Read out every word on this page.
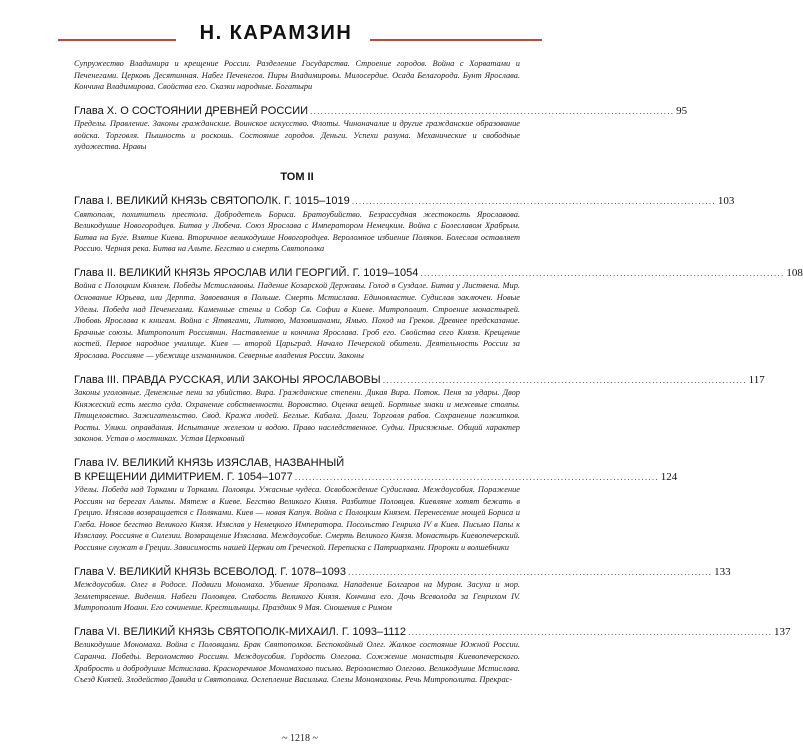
Н. КАРАМЗИН

Супружество Владимира и крещение России. Разделение Государства. Строение городов. Война с Хорватами и Печенегами. Церковь Десятинная. Набег Печенегов. Пиры Владимировы. Милосердие. Осада Белагорода. Бунт Ярослава. Кончина Владимирова. Свойства его. Сказки народные. Богатыри

Глава X. О СОСТОЯНИИ ДРЕВНЕЙ РОССИИ ........................................................................................................ 95

Пределы. Правление. Законы гражданские. Воинское искусство. Флоты. Чиноначалие и другие гражданские образование войска. Торговля. Пышность и роскошь. Состояние городов. Деньги. Успехи разума. Механические и свободные художества. Нравы

ТОМ II
Глава I. ВЕЛИКИЙ КНЯЗЬ СВЯТОПОЛК. Г. 1015–1019 ........................................................................................................ 103

Святополк, похититель престола. Добродетель Бориса. Братоубийство. Безрассудная жестокость Ярославова. Великодушие Новогородцев. Битва у Любеча. Союз Ярослава с Императором Немецким. Война с Болеславом Храбрым. Битва на Буге. Взятие Киева. Вторичное великодушие Новогородцев. Вероломное избиение Поляков. Болеслав оставляет Россию. Черная река. Битва на Альте. Бегство и смерть Святополка

Глава II. ВЕЛИКИЙ КНЯЗЬ ЯРОСЛАВ ИЛИ ГЕОРГИЙ. Г. 1019–1054 ........................................................................................................ 108

Война с Полоцким Князем. Победы Мстиславовы. Падение Козарской Державы. Голод в Суздале. Битва у Листвена. Мир. Основание Юрьева, или Дерпта. Завоевания в Польше. Смерть Мстислава. Единовластие. Судислав заключен. Новые Уделы. Победа над Печенегами. Каменные стены и Собор Св. Софии в Киеве. Митрополит. Строение монастырей. Любовь Ярослава к книгам. Война с Ятвягами, Литвою, Мазовшанами, Ямью. Поход на Греков. Древнее предсказание. Брачные союзы. Митрополит Россиянин. Наставление и кончина Ярослава. Гроб его. Свойства сего Князя. Крещение костей. Первое народное училище. Киев — второй Царьград. Начало Печерской обители. Деятельность России за Ярослава. Россияне — убежище изгнанников. Северные владения России. Законы

Глава III. ПРАВДА РУССКАЯ, ИЛИ ЗАКОНЫ ЯРОСЛАВОВЫ ........................................................................................................ 117

Законы уголовные. Денежные пени за убийство. Вира. Гражданские степени. Дикая Вира. Поток. Пеня за удары. Двор Княжеский есть место суда. Охранение собственности. Воровство. Оценка вещей. Бортные знаки и межевые столпы. Птицеловство. Зажигательство. Свод. Кража людей. Беглые. Кабала. Долги. Торговля рабов. Сохранение пожитков. Росты. Улики. оправдания. Испытание железом и водою. Право наследственное. Судьи. Присяжные. Общий характер законов. Устав о мостниках. Устав Церковный

Глава IV. ВЕЛИКИЙ КНЯЗЬ ИЗЯСЛАВ, НАЗВАННЫЙ
В КРЕЩЕНИИ ДИМИТРИЕМ. Г. 1054–1077 ........................................................................................................ 124

Уделы. Победа над Торками и Торками. Половцы. Ужасные чудеса. Освобождение Судислава. Междоусобия. Поражение Россиян на берегах Альты. Мятеж в Киеве. Бегство Великого Князя. Разбитие Половцев. Киевляне хотят бежать в Грецию. Изяслав возвращается с Поляками. Киев — новая Капуя. Война с Полоцким Князем. Перенесение мощей Бориса и Глеба. Новое бегство Великого Князя. Изяслав у Немецкого Императора. Посольство Генриха IV в Киев. Письмо Папы к Изяславу. Россияне в Силезии. Возвращение Изяслава. Междоусобие. Смерть Великого Князя. Монастырь Киевопечерский. Россияне служат в Греции. Зависимость нашей Церкви от Греческой. Переписка с Патриархами. Пророки и волшебники

Глава V. ВЕЛИКИЙ КНЯЗЬ ВСЕВОЛОД. Г. 1078–1093 ........................................................................................................ 133

Междоусобия. Олег в Родосе. Подвиги Мономаха. Убиение Ярополка. Нападение Болгаров на Муром. Засуха и мор. Землетрясение. Видения. Набеги Половцев. Слабость Великого Князя. Кончина его. Дочь Всеволода за Генрихом IV. Митрополит Иоанн. Его сочинение. Крестильницы. Праздник 9 Мая. Сношения с Римом

Глава VI. ВЕЛИКИЙ КНЯЗЬ СВЯТОПОЛК-МИХАИЛ. Г. 1093–1112 ........................................................................................................ 137

Великодушие Мономаха. Война с Половцами. Брак Святополков. Беспокойный Олег. Жалкое состояние Южной России. Саранча. Победы. Вероломство Россиян. Междоусобия. Гордость Олегова. Сожжение монастыря Киевопечерского. Храбрость и добродушие Мстислава. Красноречивое Мономахово письмо. Вероломство Олегово. Великодушие Мстислава. Съезд Князей. Злодейство Давида и Святополка. Ослепление Василька. Слезы Мономаховы. Речь Митрополита. Прекрас-

~ 1218 ~
